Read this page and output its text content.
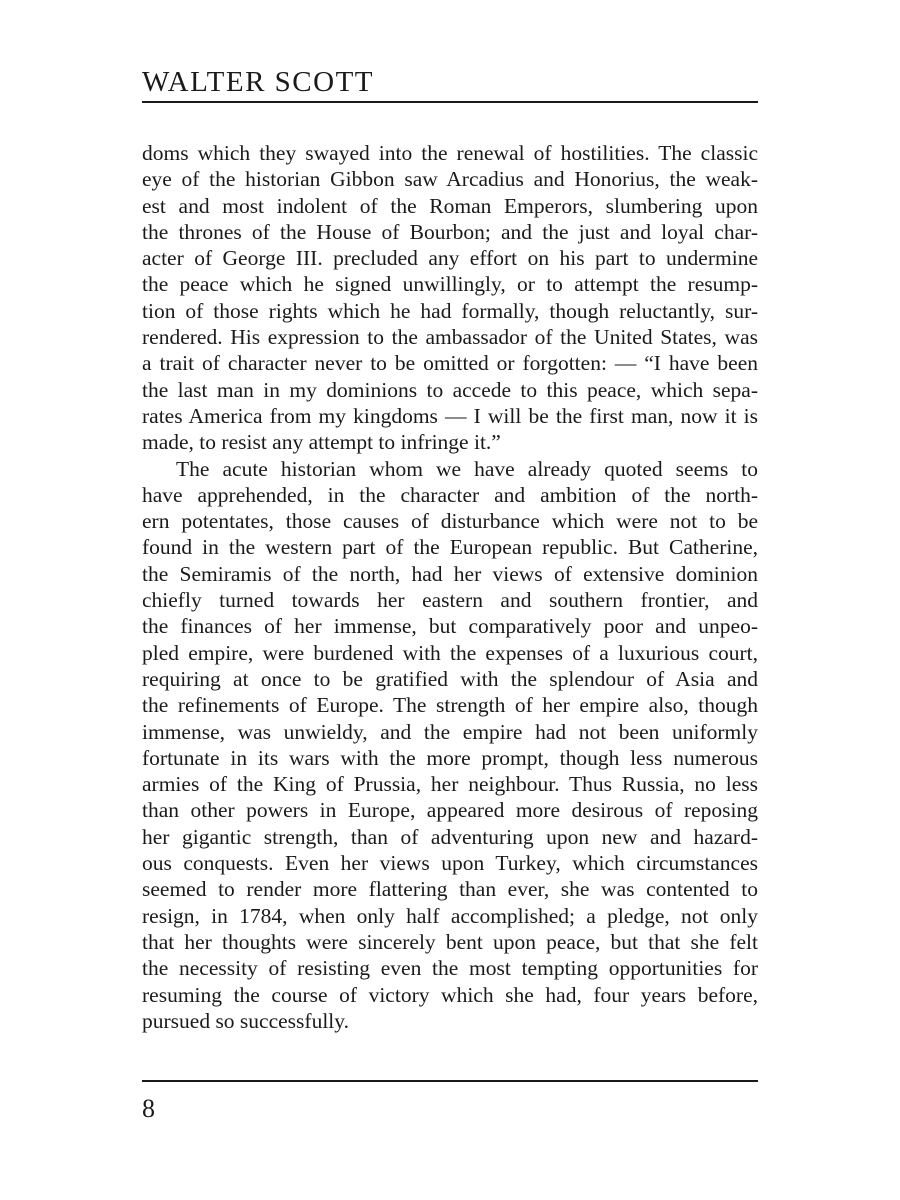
WALTER SCOTT
doms which they swayed into the renewal of hostilities. The classic
eye of the historian Gibbon saw Arcadius and Honorius, the weak-
est and most indolent of the Roman Emperors, slumbering upon
the thrones of the House of Bourbon; and the just and loyal char-
acter of George III. precluded any effort on his part to undermine
the peace which he signed unwillingly, or to attempt the resump-
tion of those rights which he had formally, though reluctantly, sur-
rendered. His expression to the ambassador of the United States, was
a trait of character never to be omitted or forgotten: — “I have been
the last man in my dominions to accede to this peace, which sepa-
rates America from my kingdoms — I will be the first man, now it is
made, to resist any attempt to infringe it.”
The acute historian whom we have already quoted seems to
have apprehended, in the character and ambition of the north-
ern potentates, those causes of disturbance which were not to be
found in the western part of the European republic. But Catherine,
the Semiramis of the north, had her views of extensive dominion
chiefly turned towards her eastern and southern frontier, and
the finances of her immense, but comparatively poor and unpeo-
pled empire, were burdened with the expenses of a luxurious court,
requiring at once to be gratified with the splendour of Asia and
the refinements of Europe. The strength of her empire also, though
immense, was unwieldy, and the empire had not been uniformly
fortunate in its wars with the more prompt, though less numerous
armies of the King of Prussia, her neighbour. Thus Russia, no less
than other powers in Europe, appeared more desirous of reposing
her gigantic strength, than of adventuring upon new and hazard-
ous conquests. Even her views upon Turkey, which circumstances
seemed to render more flattering than ever, she was contented to
resign, in 1784, when only half accomplished; a pledge, not only
that her thoughts were sincerely bent upon peace, but that she felt
the necessity of resisting even the most tempting opportunities for
resuming the course of victory which she had, four years before,
pursued so successfully.

8
